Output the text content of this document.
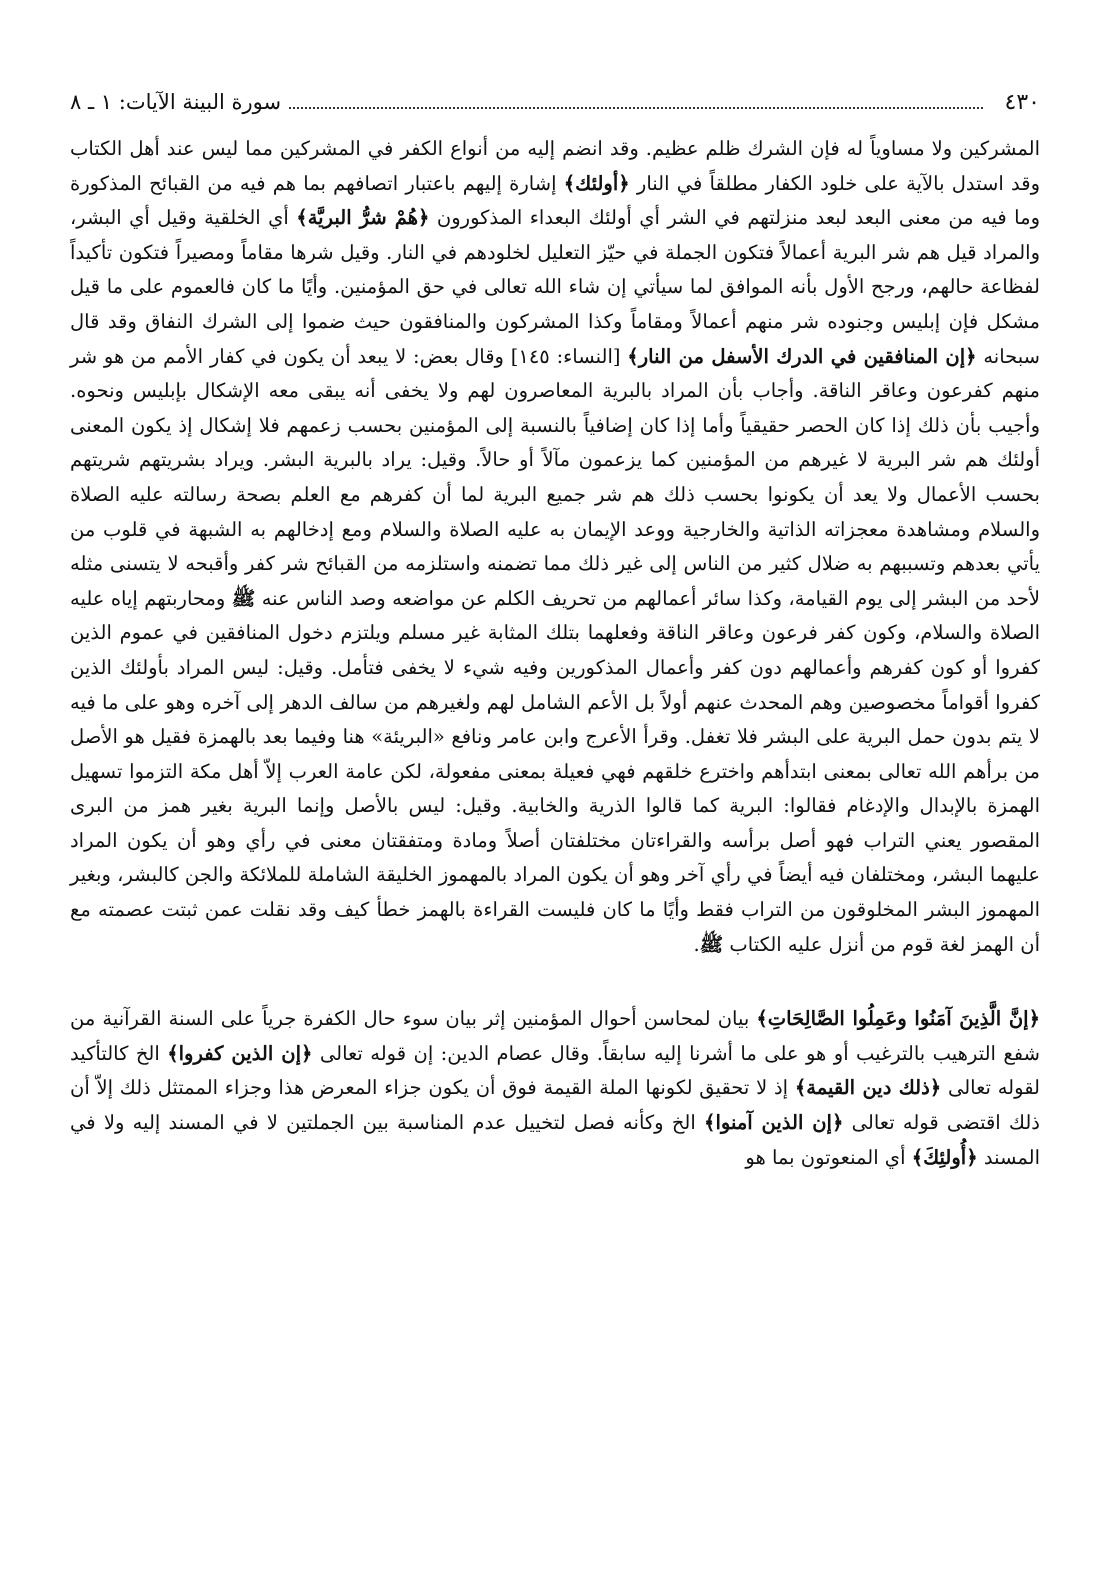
٤٣٠
سورة البينة الآيات: ١ ـ ٨

المشركين ولا مساوياً له فإن الشرك ظلم عظيم. وقد انضم إليه من أنواع الكفر في المشركين مما ليس عند أهل الكتاب وقد استدل بالآية على خلود الكفار مطلقاً في النار ﴿أولئك﴾ إشارة إليهم باعتبار اتصافهم بما هم فيه من القبائح المذكورة وما فيه من معنى البعد لبعد منزلتهم في الشر أي أولئك البعداء المذكورون ﴿هُمْ شرُّ البريَّة﴾ أي الخلقية وقيل أي البشر، والمراد قيل هم شر البرية أعمالاً فتكون الجملة في حيّز التعليل لخلودهم في النار. وقيل شرها مقاماً ومصيراً فتكون تأكيداً لفظاعة حالهم، ورجح الأول بأنه الموافق لما سيأتي إن شاء الله تعالى في حق المؤمنين. وأيًا ما كان فالعموم على ما قيل مشكل فإن إبليس وجنوده شر منهم أعمالاً ومقاماً وكذا المشركون والمنافقون حيث ضموا إلى الشرك النفاق وقد قال سبحانه ﴿إن المنافقين في الدرك الأسفل من النار﴾ [النساء: ١٤٥] وقال بعض: لا يبعد أن يكون في كفار الأمم من هو شر منهم كفرعون وعاقر الناقة. وأجاب بأن المراد بالبرية المعاصرون لهم ولا يخفى أنه يبقى معه الإشكال بإبليس ونحوه. وأجيب بأن ذلك إذا كان الحصر حقيقياً وأما إذا كان إضافياً بالنسبة إلى المؤمنين بحسب زعمهم فلا إشكال إذ يكون المعنى أولئك هم شر البرية لا غيرهم من المؤمنين كما يزعمون مآلاً أو حالاً. وقيل: يراد بالبرية البشر. ويراد بشريتهم شريتهم بحسب الأعمال ولا يعد أن يكونوا بحسب ذلك هم شر جميع البرية لما أن كفرهم مع العلم بصحة رسالته عليه الصلاة والسلام ومشاهدة معجزاته الذاتية والخارجية ووعد الإيمان به عليه الصلاة والسلام ومع إدخالهم به الشبهة في قلوب من يأتي بعدهم وتسببهم به ضلال كثير من الناس إلى غير ذلك مما تضمنه واستلزمه من القبائح شر كفر وأقبحه لا يتسنى مثله لأحد من البشر إلى يوم القيامة، وكذا سائر أعمالهم من تحريف الكلم عن مواضعه وصد الناس عنه ﷺ ومحاربتهم إياه عليه الصلاة والسلام، وكون كفر فرعون وعاقر الناقة وفعلهما بتلك المثابة غير مسلم ويلتزم دخول المنافقين في عموم الذين كفروا أو كون كفرهم وأعمالهم دون كفر وأعمال المذكورين وفيه شيء لا يخفى فتأمل. وقيل: ليس المراد بأولئك الذين كفروا أقواماً مخصوصين وهم المحدث عنهم أولاً بل الأعم الشامل لهم ولغيرهم من سالف الدهر إلى آخره وهو على ما فيه لا يتم بدون حمل البرية على البشر فلا تغفل. وقرأ الأعرج وابن عامر ونافع «البريئة» هنا وفيما بعد بالهمزة فقيل هو الأصل من برأهم الله تعالى بمعنى ابتدأهم واخترع خلقهم فهي فعيلة بمعنى مفعولة، لكن عامة العرب إلاّ أهل مكة التزموا تسهيل الهمزة بالإبدال والإدغام فقالوا: البرية كما قالوا الذرية والخابية. وقيل: ليس بالأصل وإنما البرية بغير همز من البرى المقصور يعني التراب فهو أصل برأسه والقراءتان مختلفتان أصلاً ومادة ومتفقتان معنى في رأي وهو أن يكون المراد عليهما البشر، ومختلفان فيه أيضاً في رأي آخر وهو أن يكون المراد بالمهموز الخليقة الشاملة للملائكة والجن كالبشر، وبغير المهموز البشر المخلوقون من التراب فقط وأيًا ما كان فليست القراءة بالهمز خطأ كيف وقد نقلت عمن ثبتت عصمته مع أن الهمز لغة قوم من أنزل عليه الكتاب ﷺ.

﴿إنَّ الَّذِينَ آمَنُوا وعَمِلُوا الصَّالِحَاتِ﴾ بيان لمحاسن أحوال المؤمنين إثر بيان سوء حال الكفرة جرياً على السنة القرآنية من شفع الترهيب بالترغيب أو هو على ما أشرنا إليه سابقاً. وقال عصام الدين: إن قوله تعالى ﴿إن الذين كفروا﴾ الخ كالتأكيد لقوله تعالى ﴿ذلك دين القيمة﴾ إذ لا تحقيق لكونها الملة القيمة فوق أن يكون جزاء المعرض هذا وجزاء الممتثل ذلك إلاّ أن ذلك اقتضى قوله تعالى ﴿إن الذين آمنوا﴾ الخ وكأنه فصل لتخييل عدم المناسبة بين الجملتين لا في المسند إليه ولا في المسند ﴿أُولئِكَ﴾ أي المنعوتون بما هو
